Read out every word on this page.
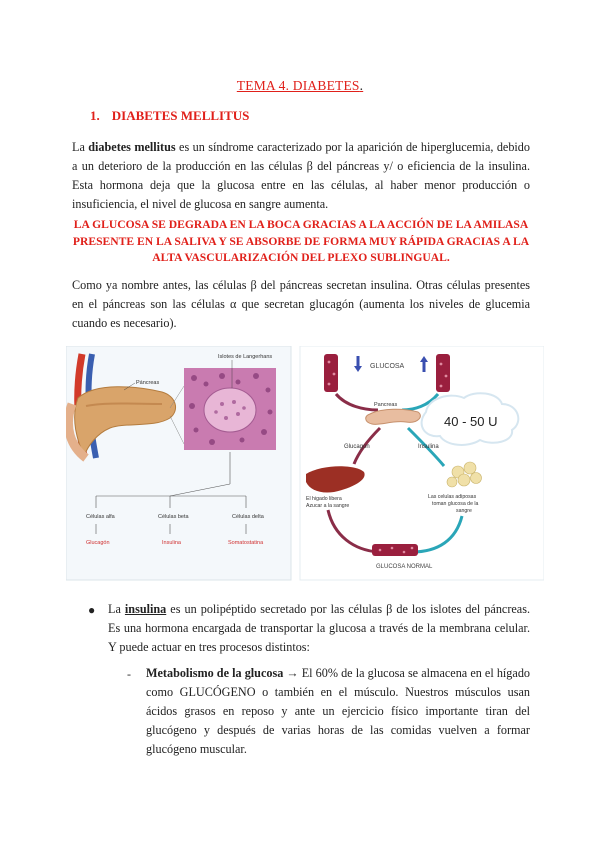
TEMA 4. DIABETES.
1. DIABETES MELLITUS
La diabetes mellitus es un síndrome caracterizado por la aparición de hiperglucemia, debido a un deterioro de la producción en las células β del páncreas y/ o eficiencia de la insulina. Esta hormona deja que la glucosa entre en las células, al haber menor producción o insuficiencia, el nivel de glucosa en sangre aumenta.
LA GLUCOSA SE DEGRADA EN LA BOCA GRACIAS A LA ACCIÓN DE LA AMILASA PRESENTE EN LA SALIVA Y SE ABSORBE DE FORMA MUY RÁPIDA GRACIAS A LA ALTA VASCULARIZACIÓN DEL PLEXO SUBLINGUAL.
Como ya nombre antes, las células β del páncreas secretan insulina. Otras células presentes en el páncreas son las células α que secretan glucagón (aumenta los niveles de glucemia cuando es necesario).
Páncreas
Islotes de Langerhans
Células alfa	Células beta	Células delta
Glucagón	Insulina	Somatostatina
GLUCOSA
Pancreas
40 - 50 U
Glucagon	Insulina
El higado libera
Azucar a la sangre
Las celulas adiposas
toman glucosa de la
sangre
GLUCOSA NORMAL
● La insulina es un polipéptido secretado por las células β de los islotes del páncreas. Es una hormona encargada de transportar la glucosa a través de la membrana celular. Y puede actuar en tres procesos distintos:
- Metabolismo de la glucosa → El 60% de la glucosa se almacena en el hígado como GLUCÓGENO o también en el músculo. Nuestros músculos usan ácidos grasos en reposo y ante un ejercicio físico importante tiran del glucógeno y después de varias horas de las comidas vuelven a formar glucógeno muscular.
